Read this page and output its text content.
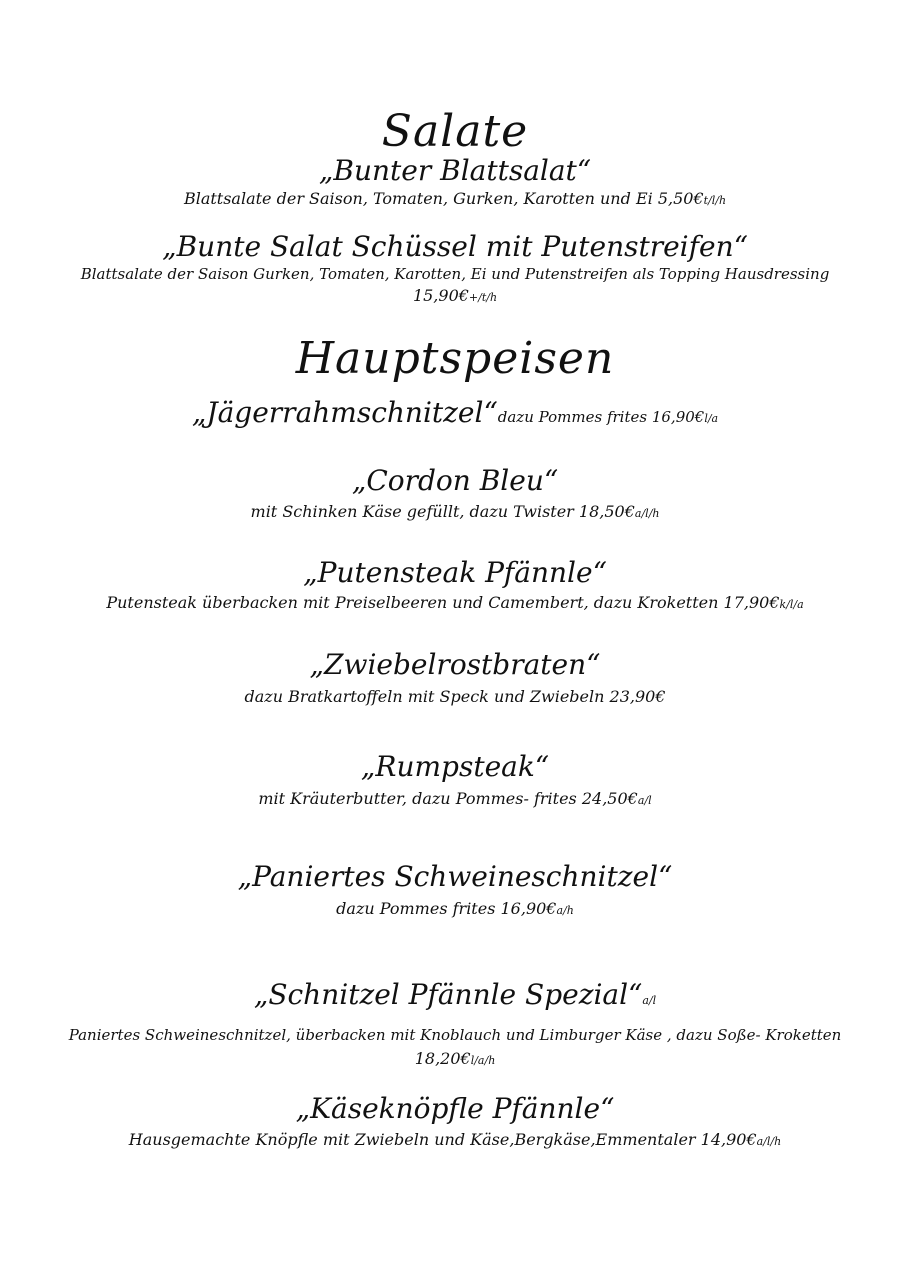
Salate
„Bunter Blattsalat“
Blattsalate der Saison, Tomaten, Gurken, Karotten und Ei 5,50€t/l/h
„Bunte Salat Schüssel mit Putenstreifen“
Blattsalate der Saison Gurken, Tomaten, Karotten, Ei und Putenstreifen als Topping Hausdressing
15,90€+/t/h
Hauptspeisen
„Jägerrahmschnitzel“dazu Pommes frites 16,90€l/a
„Cordon Bleu“
mit Schinken Käse gefüllt, dazu Twister 18,50€a/l/h
„Putensteak Pfännle“
Putensteak überbacken mit Preiselbeeren und Camembert, dazu Kroketten 17,90€k/l/a
„Zwiebelrostbraten“
dazu Bratkartoffeln mit Speck und Zwiebeln 23,90€
„Rumpsteak“
mit Kräuterbutter, dazu Pommes- frites 24,50€a/l
„Paniertes Schweineschnitzel“
dazu Pommes frites 16,90€a/h
„Schnitzel Pfännle Spezial“a/l
Paniertes Schweineschnitzel, überbacken mit Knoblauch und Limburger Käse , dazu Soße- Kroketten
18,20€l/a/h
„Käseknöpfle Pfännle“
Hausgemachte Knöpfle mit Zwiebeln und Käse,Bergkäse,Emmentaler 14,90€a/l/h
